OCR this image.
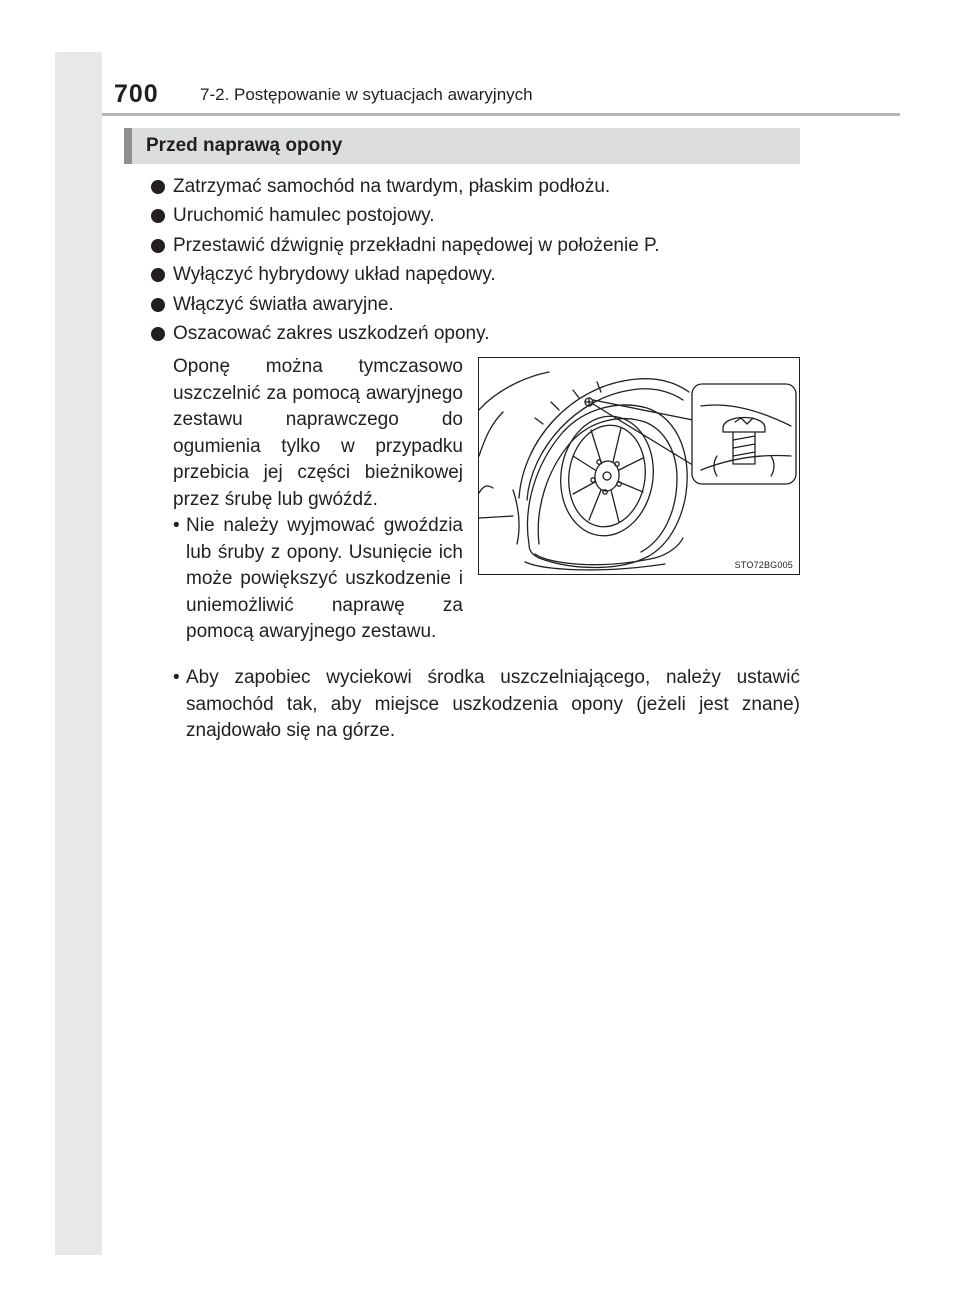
700 7-2. Postępowanie w sytuacjach awaryjnych
Przed naprawą opony
Zatrzymać samochód na twardym, płaskim podłożu.
Uruchomić hamulec postojowy.
Przestawić dźwignię przekładni napędowej w położenie P.
Wyłączyć hybrydowy układ napędowy.
Włączyć światła awaryjne.
Oszacować zakres uszkodzeń opony.

Oponę można tymczasowo uszczelnić za pomocą awaryjnego zestawu naprawczego do ogumienia tylko w przypadku przebicia jej części bieżnikowej przez śrubę lub gwóźdź.

• Nie należy wyjmować gwoździa lub śruby z opony. Usunięcie ich może powiększyć uszkodzenie i uniemożliwić naprawę za pomocą awaryjnego zestawu.

• Aby zapobiec wyciekowi środka uszczelniającego, należy ustawić samochód tak, aby miejsce uszkodzenia opony (jeżeli jest znane) znajdowało się na górze.

STO72BG005
